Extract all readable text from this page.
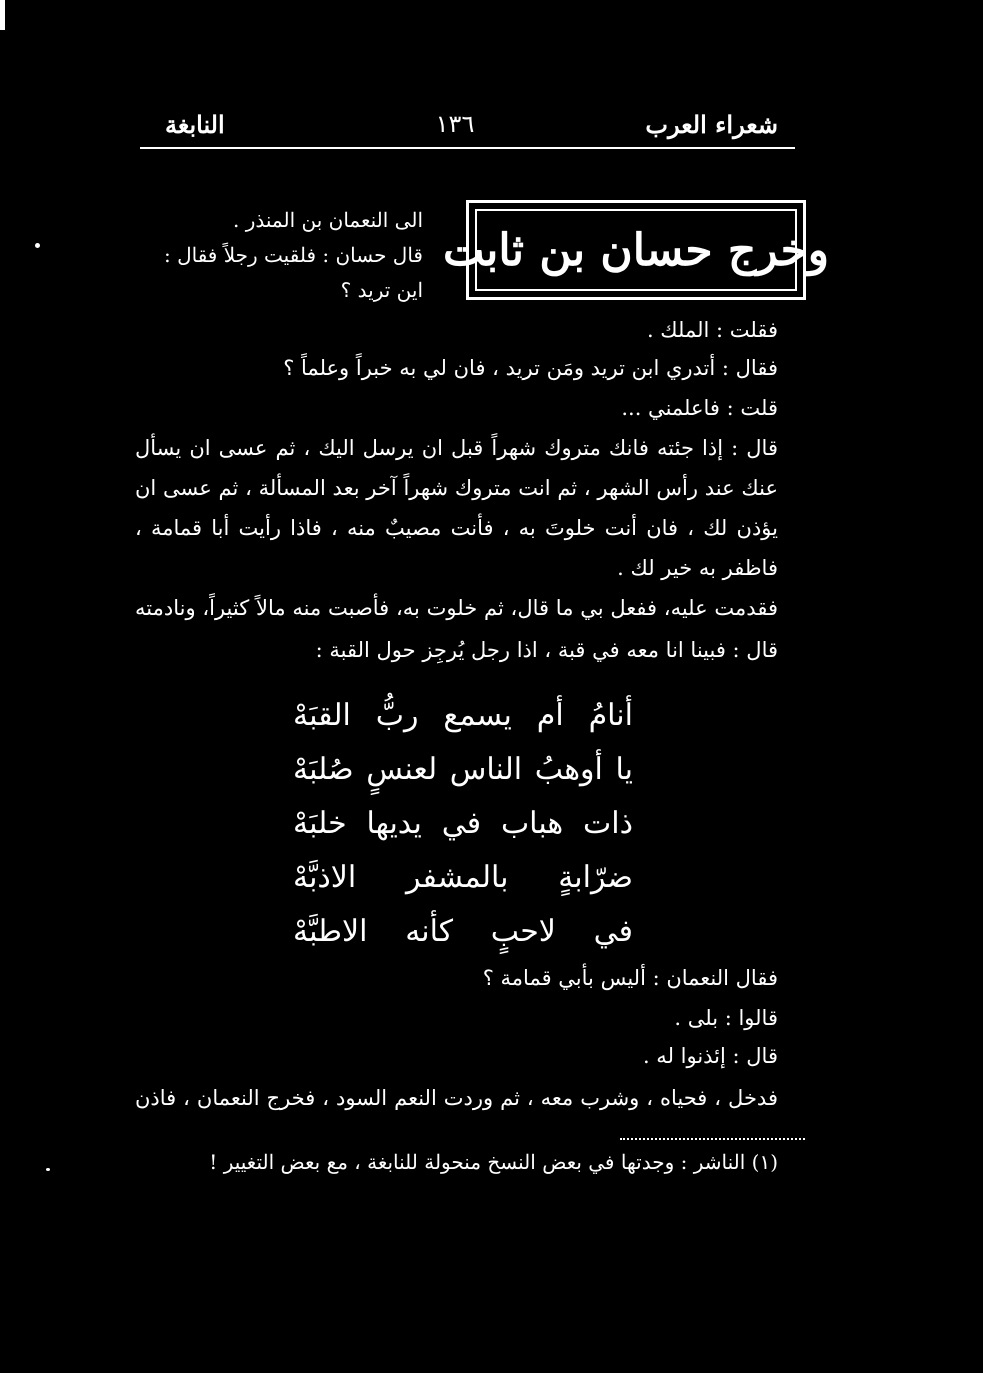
شعراء العرب
١٣٦
النابغة
وخرج حسان بن ثابت
الى النعمان بن المنذر .
قال حسان : فلقيت رجلاً فقال :
اين تريد ؟
فقلت : الملك .
فقال : أتدري ابن تريد ومَن تريد ، فان لي به خبراً وعلماً ؟
قلت : فاعلمني ...
قال : إذا جئته فانك متروك شهراً قبل ان يرسل اليك ، ثم عسى ان يسأل
عنك عند رأس الشهر ، ثم انت متروك شهراً آخر بعد المسألة ، ثم عسى ان
يؤذن لك ، فان أنت خلوتَ به ، فأنت مصيبٌ منه ، فاذا رأيت أبا قمامة ،
فاظفر به خير لك .
فقدمت عليه، ففعل بي ما قال، ثم خلوت به، فأصبت منه مالاً كثيراً، ونادمته
قال : فبينا انا معه في قبة ، اذا رجل يُرجِز حول القبة :
أنامُ أم يسمع ربُّ القبَهْ
يا أوهبُ الناس لعنسٍ صُلبَهْ
ذات هباب في يديها خلبَهْ
ضرّابةٍ بالمشفر الاذبَّهْ
في لاحبٍ كأنه الاطبَّهْ
فقال النعمان : أليس بأبي قمامة ؟
قالوا : بلى .
قال : إئذنوا له .
فدخل ، فحياه ، وشرب معه ، ثم وردت النعم السود ، فخرج النعمان ، فاذن
(١) الناشر : وجدتها في بعض النسخ منحولة للنابغة ، مع بعض التغيير !
